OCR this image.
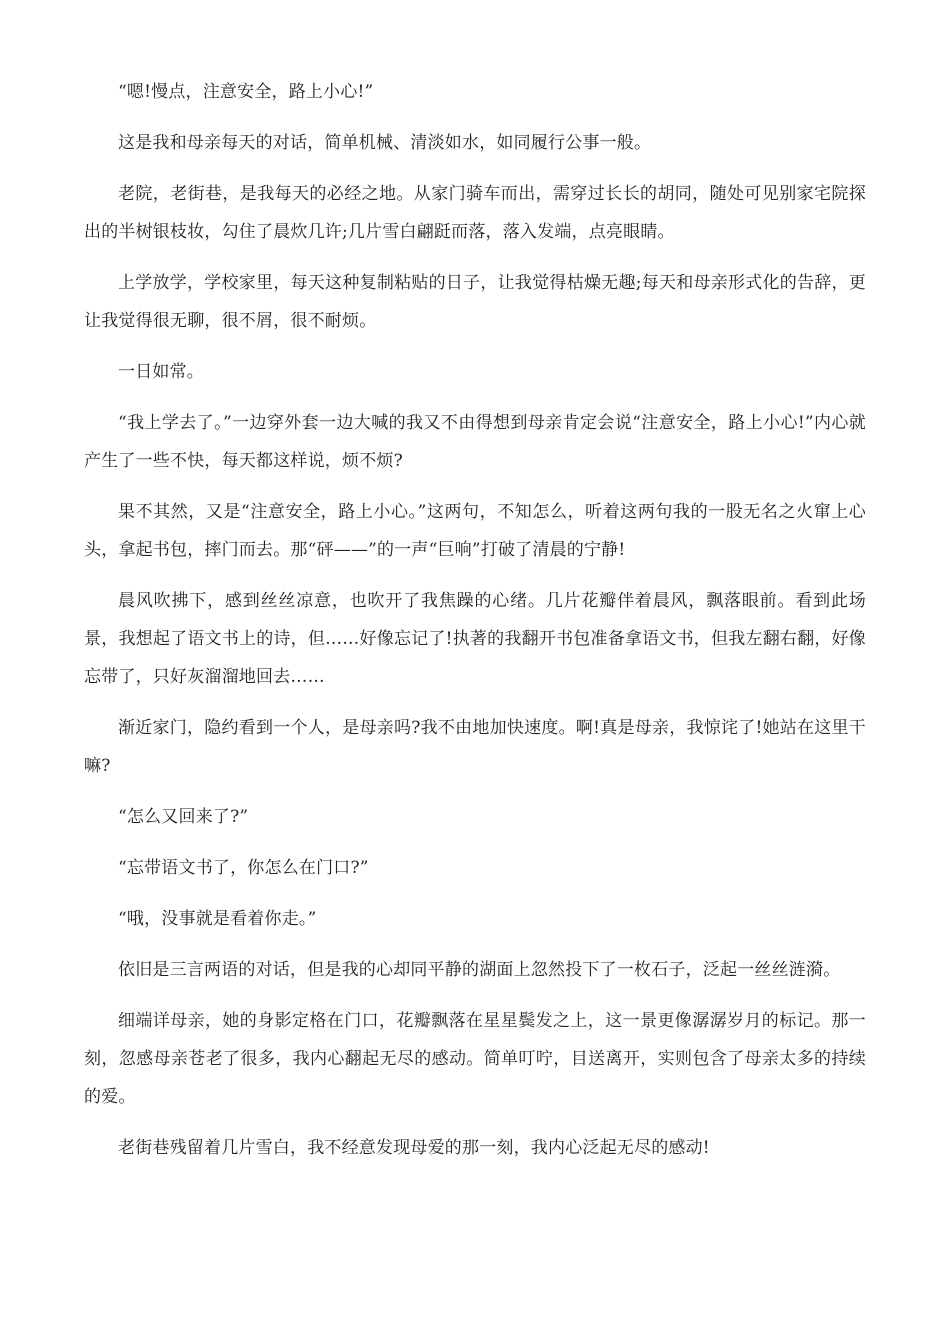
“嗯!慢点，注意安全，路上小心!”

这是我和母亲每天的对话，简单机械、清淡如水，如同履行公事一般。

老院，老街巷，是我每天的必经之地。从家门骑车而出，需穿过长长的胡同，随处可见别家宅院探出的半树银枝妆，勾住了晨炊几许;几片雪白翩跹而落，落入发端，点亮眼睛。

上学放学，学校家里，每天这种复制粘贴的日子，让我觉得枯燥无趣;每天和母亲形式化的告辞，更让我觉得很无聊，很不屑，很不耐烦。

一日如常。

“我上学去了。”一边穿外套一边大喊的我又不由得想到母亲肯定会说“注意安全，路上小心!”内心就产生了一些不快，每天都这样说，烦不烦?

果不其然，又是“注意安全，路上小心。”这两句，不知怎么，听着这两句我的一股无名之火窜上心头，拿起书包，摔门而去。那“砰——”的一声“巨响”打破了清晨的宁静!

晨风吹拂下，感到丝丝凉意，也吹开了我焦躁的心绪。几片花瓣伴着晨风，飘落眼前。看到此场景，我想起了语文书上的诗，但……好像忘记了!执著的我翻开书包准备拿语文书，但我左翻右翻，好像忘带了，只好灰溜溜地回去……

渐近家门，隐约看到一个人，是母亲吗?我不由地加快速度。啊!真是母亲，我惊诧了!她站在这里干嘛?

“怎么又回来了?”

“忘带语文书了，你怎么在门口?”

“哦，没事就是看着你走。”

依旧是三言两语的对话，但是我的心却同平静的湖面上忽然投下了一枚石子，泛起一丝丝涟漪。

细端详母亲，她的身影定格在门口，花瓣飘落在星星鬓发之上，这一景更像潺潺岁月的标记。那一刻，忽感母亲苍老了很多，我内心翻起无尽的感动。简单叮咛，目送离开，实则包含了母亲太多的持续的爱。

老街巷残留着几片雪白，我不经意发现母爱的那一刻，我内心泛起无尽的感动!
